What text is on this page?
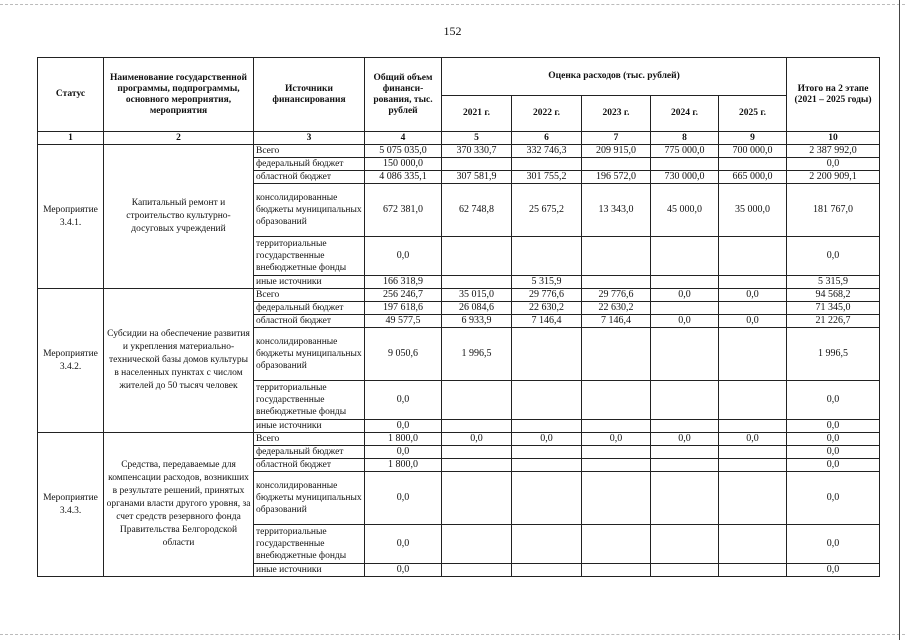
152
Статус	Наименование государственной программы, подпрограммы, основного мероприятия, мероприятия	Источники финансирования	Общий объем финанси-рования, тыс. рублей	Оценка расходов (тыс. рублей)					Итого на 2 этапе (2021 – 2025 годы)
				2021 г.	2022 г.	2023 г.	2024 г.	2025 г.	
1	2	3	4	5	6	7	8	9	10
Мероприятие 3.4.1.	Капитальный ремонт и строительство культурно-досуговых учреждений	Всего	5 075 035,0	370 330,7	332 746,3	209 915,0	775 000,0	700 000,0	2 387 992,0
		федеральный бюджет	150 000,0						0,0
		областной бюджет	4 086 335,1	307 581,9	301 755,2	196 572,0	730 000,0	665 000,0	2 200 909,1
		консолидированные бюджеты муниципальных образований	672 381,0	62 748,8	25 675,2	13 343,0	45 000,0	35 000,0	181 767,0
		территориальные государственные внебюджетные фонды	0,0						0,0
		иные источники	166 318,9		5 315,9				5 315,9
Мероприятие 3.4.2.	Субсидии на обеспечение развития и укрепления материально-технической базы домов культуры в населенных пунктах с числом жителей до 50 тысяч человек	Всего	256 246,7	35 015,0	29 776,6	29 776,6	0,0	0,0	94 568,2
		федеральный бюджет	197 618,6	26 084,6	22 630,2	22 630,2			71 345,0
		областной бюджет	49 577,5	6 933,9	7 146,4	7 146,4	0,0	0,0	21 226,7
		консолидированные бюджеты муниципальных образований	9 050,6	1 996,5					1 996,5
		территориальные государственные внебюджетные фонды	0,0						0,0
		иные источники	0,0						0,0
Мероприятие 3.4.3.	Средства, передаваемые для компенсации расходов, возникших в результате решений, принятых органами власти другого уровня, за счет средств резервного фонда Правительства Белгородской области	Всего	1 800,0	0,0	0,0	0,0	0,0	0,0	0,0
		федеральный бюджет	0,0						0,0
		областной бюджет	1 800,0						0,0
		консолидированные бюджеты муниципальных образований	0,0						0,0
		территориальные государственные внебюджетные фонды	0,0						0,0
		иные источники	0,0						0,0
